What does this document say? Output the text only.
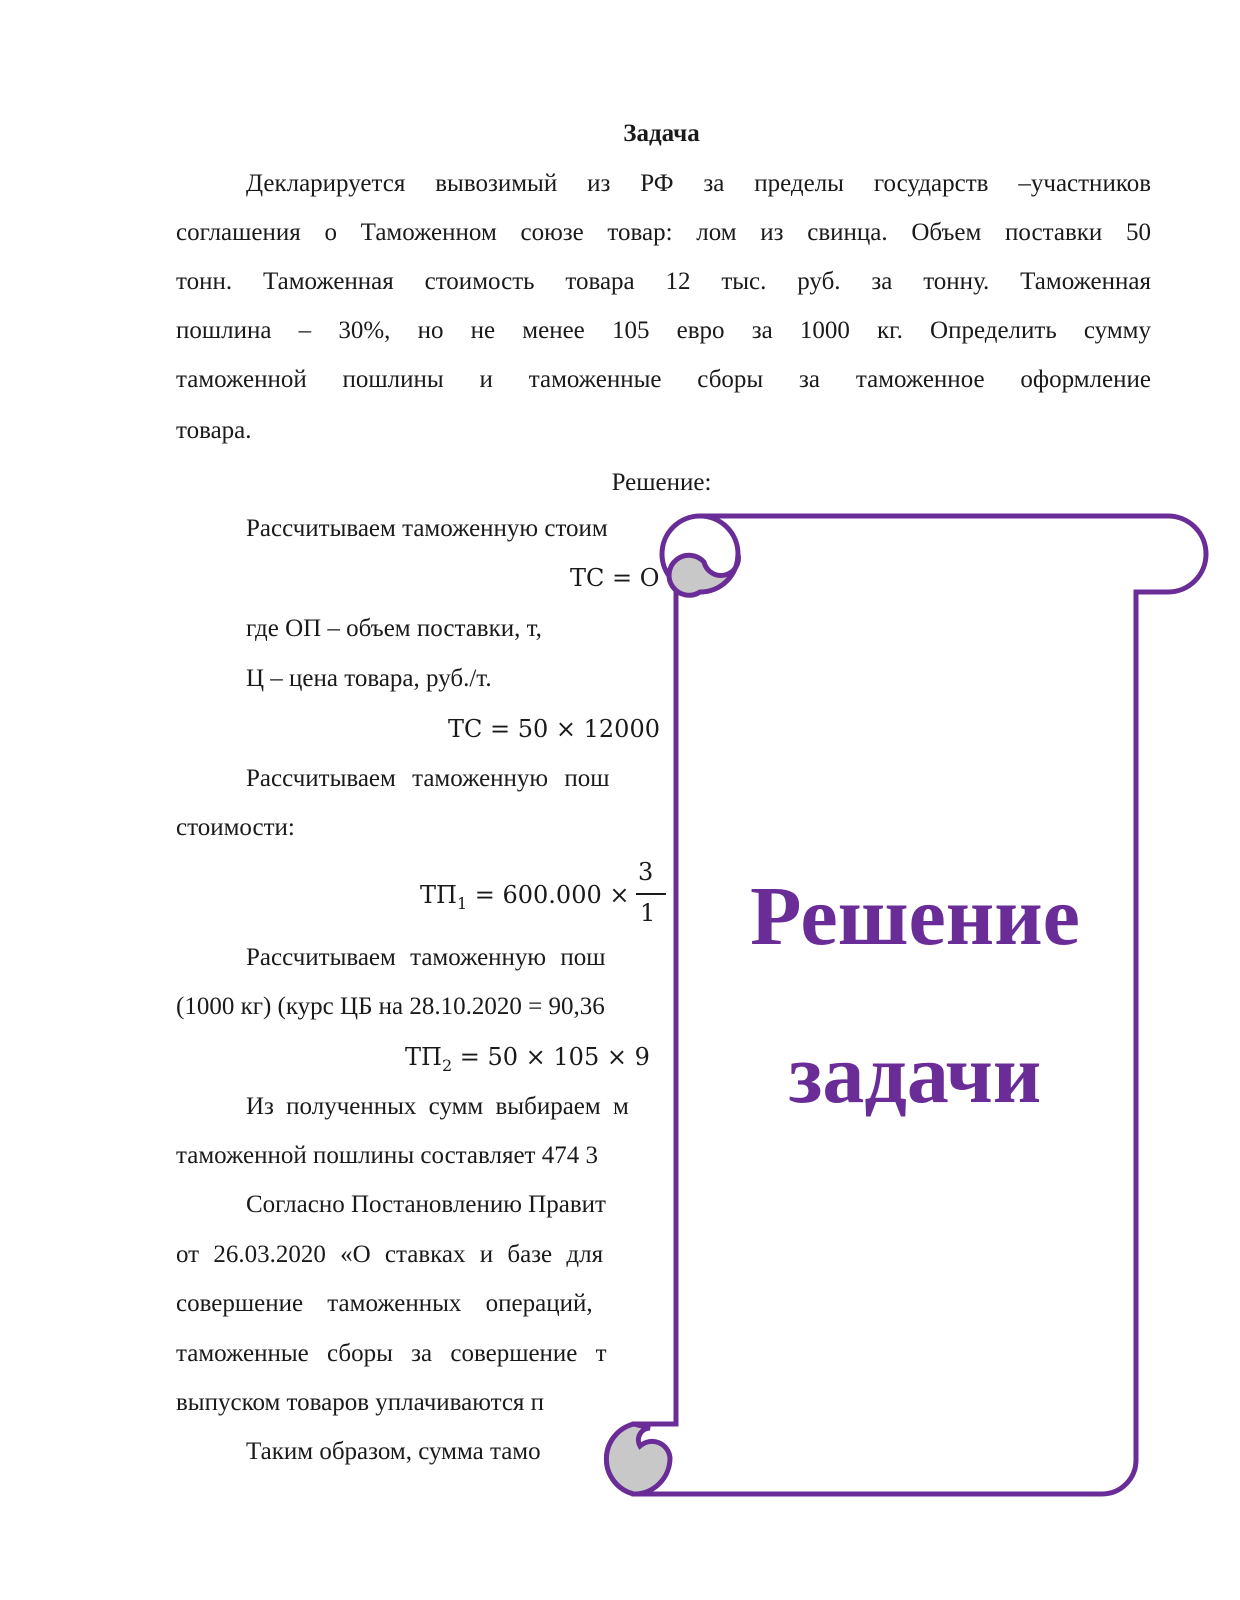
Задача
Декларируется вывозимый из РФ за пределы государств –участников
соглашения о Таможенном союзе товар: лом из свинца. Объем поставки 50
тонн. Таможенная стоимость товара 12 тыс. руб. за тонну. Таможенная
пошлина – 30%, но не менее 105 евро за 1000 кг. Определить сумму
таможенной пошлины и таможенные сборы за таможенное оформление
товара.
Решение:
Рассчитываем таможенную стоим
ТС = О
где ОП – объем поставки, т,
Ц – цена товара, руб./т.
ТС = 50 × 12000
Рассчитываем таможенную пош
стоимости:
$ТП_1 = 600.000$ ×
3
1
Рассчитываем таможенную пош
(1000 кг) (курс ЦБ на 28.10.2020 = 90,36
$ТП_2 = 50 \times 105 \times 9$
Из полученных сумм выбираем м
таможенной пошлины составляет 474 3
Согласно Постановлению Правит
от 26.03.2020 «О ставках и базе для
совершение таможенных операций,
таможенные сборы за совершение т
выпуском товаров уплачиваются п
Таким образом, сумма тамо
Решение
задачи
